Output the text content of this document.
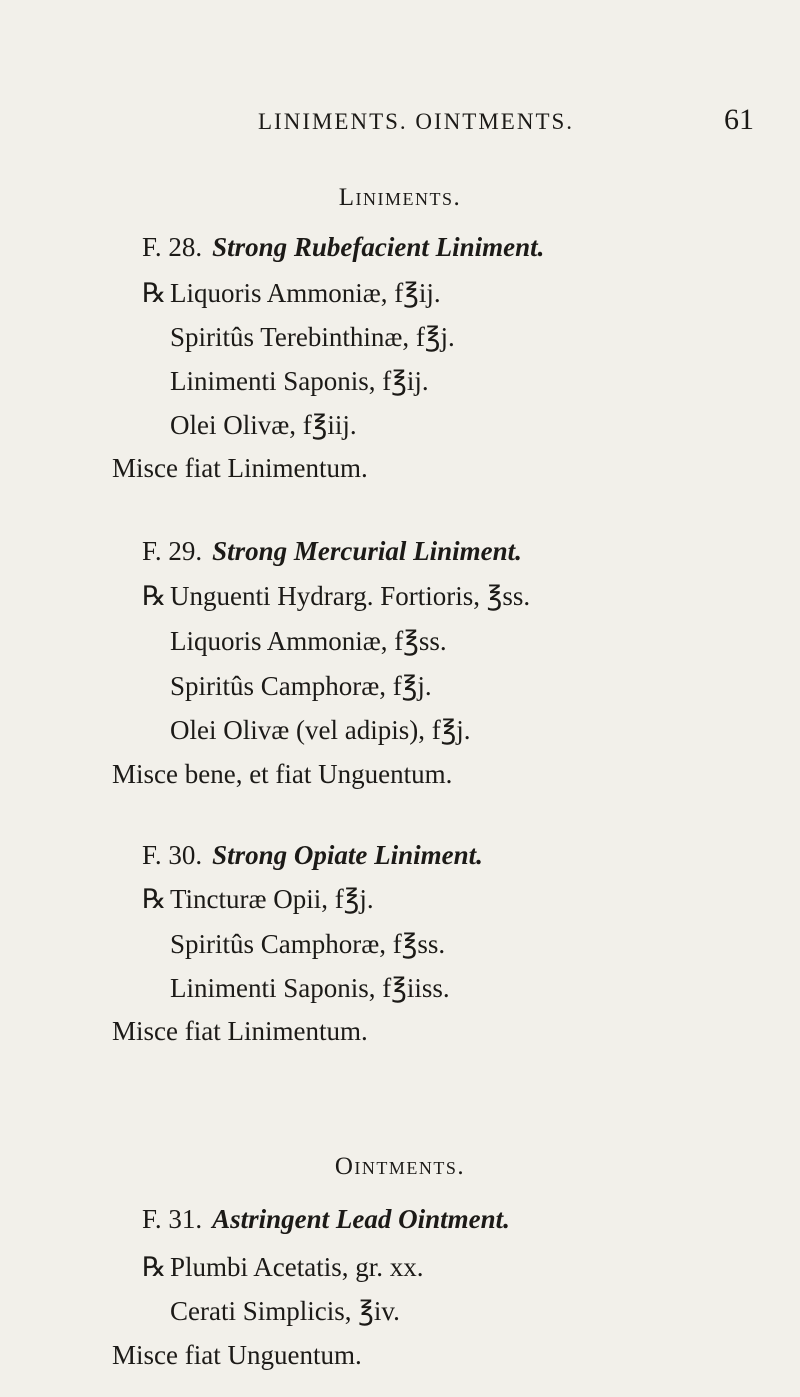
LINIMENTS. OINTMENTS.	61
Liniments.
F. 28. Strong Rubefacient Liniment.
℞ Liquoris Ammoniæ, f℥ij.
Spiritûs Terebinthinæ, f℥j.
Linimenti Saponis, f℥ij.
Olei Olivæ, f℥iij.
Misce fiat Linimentum.
F. 29. Strong Mercurial Liniment.
℞ Unguenti Hydrarg. Fortioris, ℥ss.
Liquoris Ammoniæ, f℥ss.
Spiritûs Camphoræ, f℥j.
Olei Olivæ (vel adipis), f℥j.
Misce bene, et fiat Unguentum.
F. 30. Strong Opiate Liniment.
℞ Tincturæ Opii, f℥j.
Spiritûs Camphoræ, f℥ss.
Linimenti Saponis, f℥iiss.
Misce fiat Linimentum.
Ointments.
F. 31. Astringent Lead Ointment.
℞ Plumbi Acetatis, gr. xx.
Cerati Simplicis, ℥iv.
Misce fiat Unguentum.
